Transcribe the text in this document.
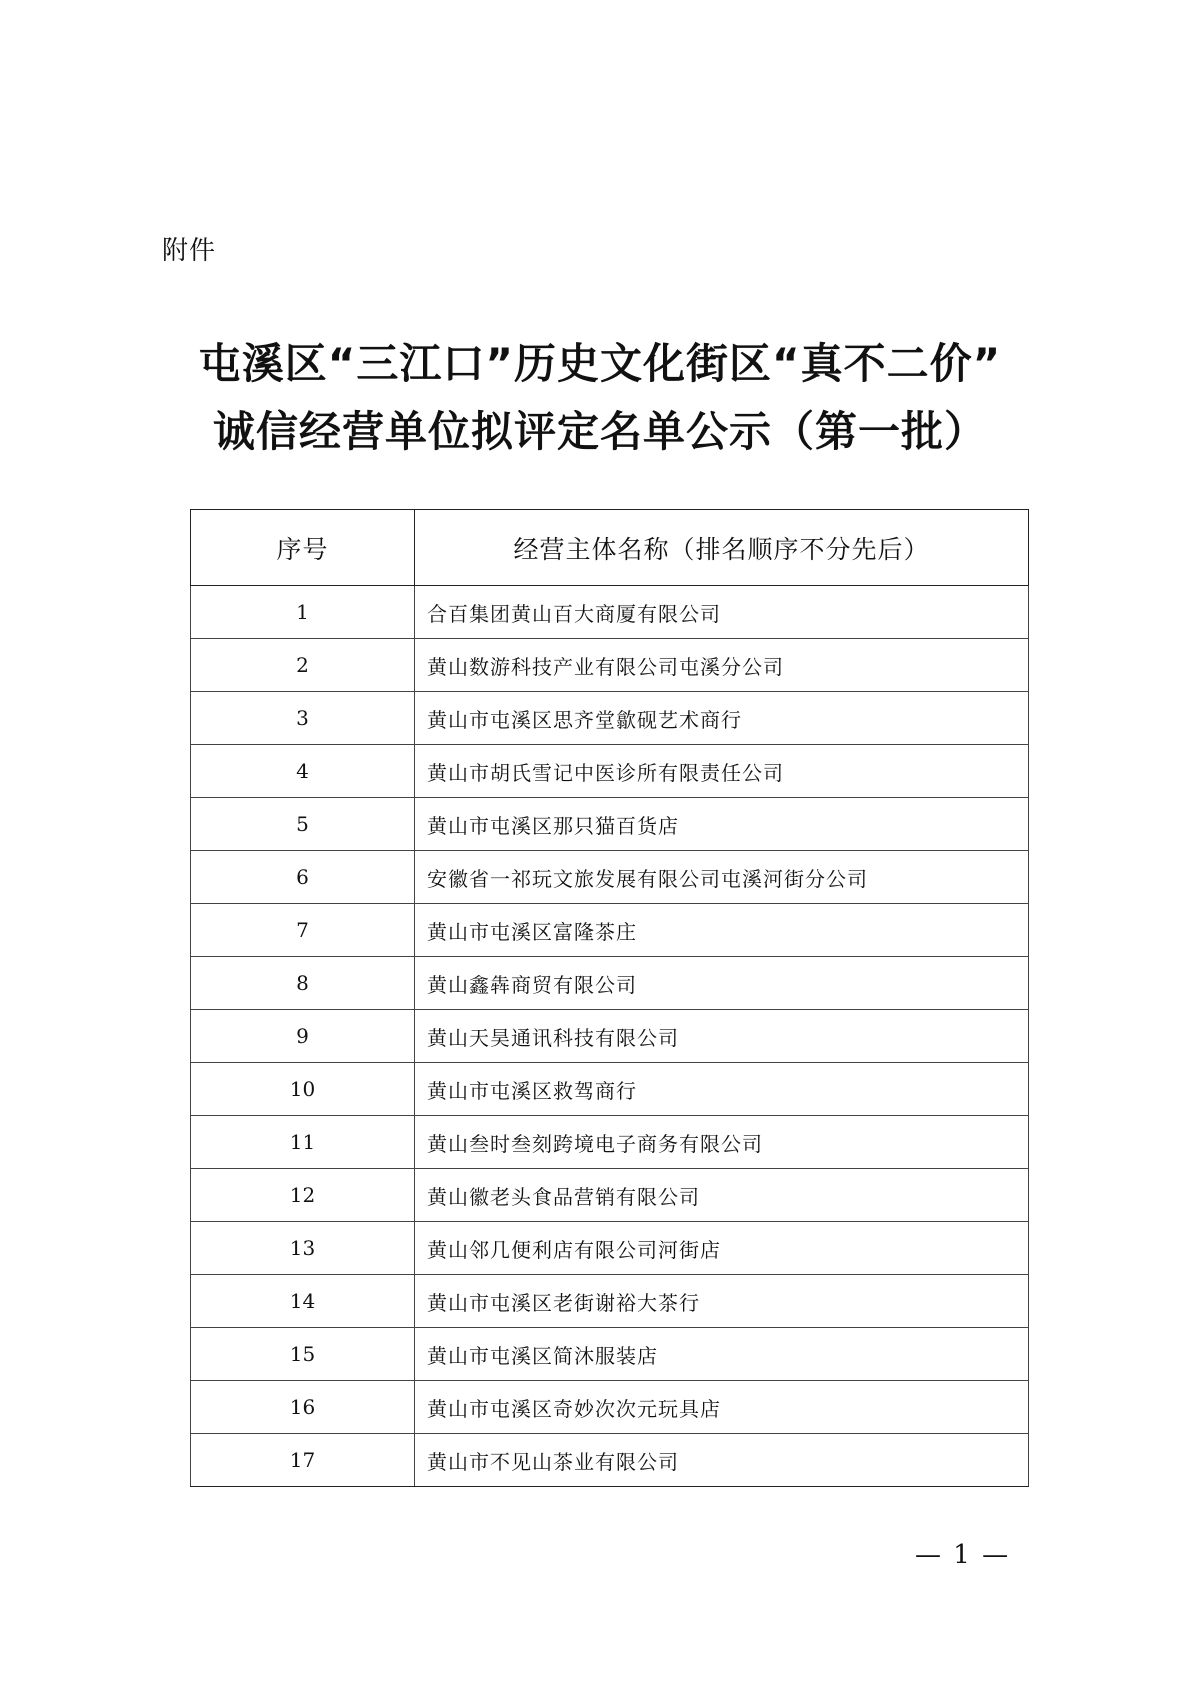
附件
屯溪区“三江口”历史文化街区“真不二价”
诚信经营单位拟评定名单公示（第一批）
序号	经营主体名称（排名顺序不分先后）
1	合百集团黄山百大商厦有限公司
2	黄山数游科技产业有限公司屯溪分公司
3	黄山市屯溪区思齐堂歙砚艺术商行
4	黄山市胡氏雪记中医诊所有限责任公司
5	黄山市屯溪区那只猫百货店
6	安徽省一祁玩文旅发展有限公司屯溪河街分公司
7	黄山市屯溪区富隆茶庄
8	黄山鑫犇商贸有限公司
9	黄山天昊通讯科技有限公司
10	黄山市屯溪区救驾商行
11	黄山叁时叁刻跨境电子商务有限公司
12	黄山徽老头食品营销有限公司
13	黄山邻几便利店有限公司河街店
14	黄山市屯溪区老街谢裕大茶行
15	黄山市屯溪区简沐服装店
16	黄山市屯溪区奇妙次次元玩具店
17	黄山市不见山茶业有限公司
— 1 —
